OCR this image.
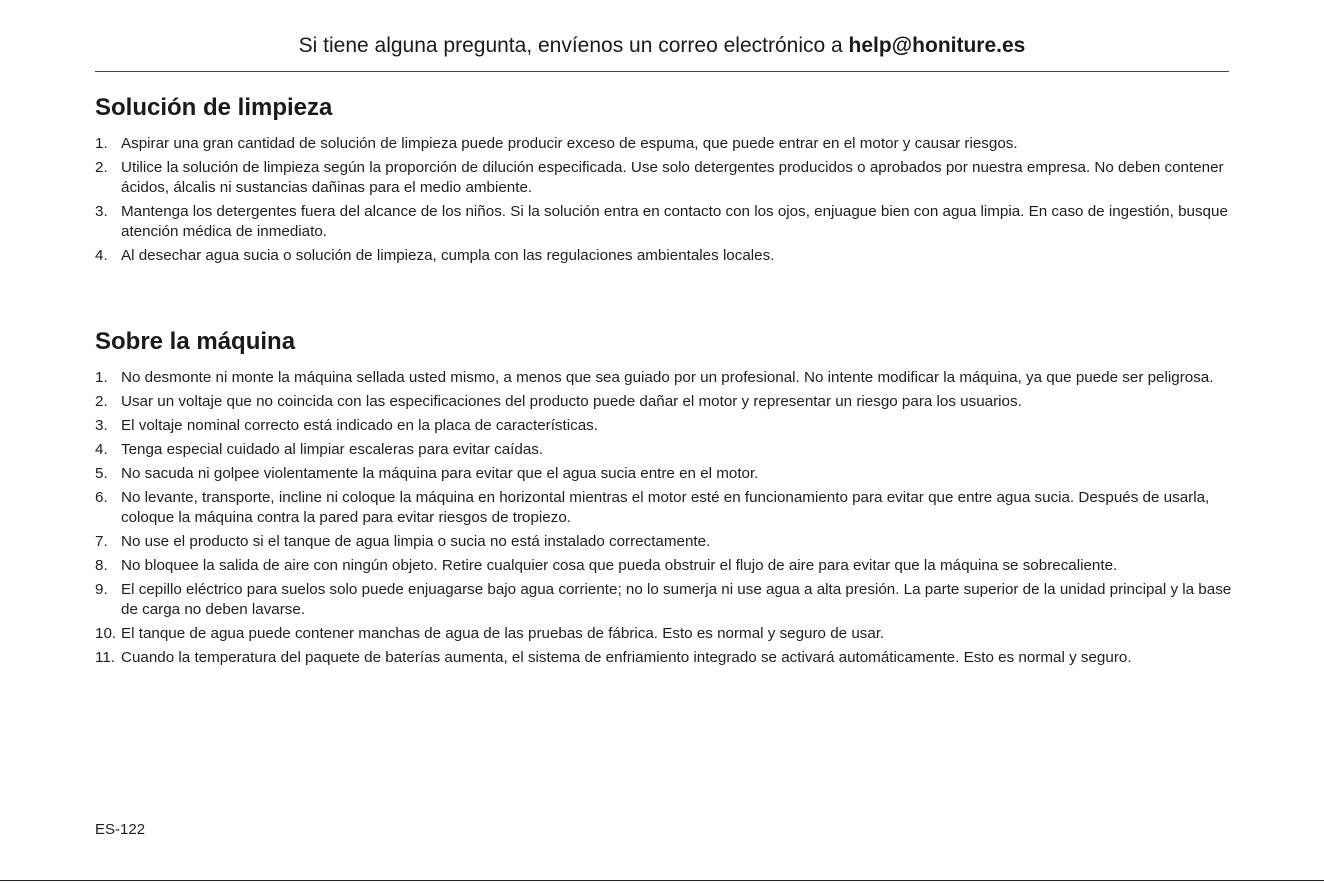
Si tiene alguna pregunta, envíenos un correo electrónico a help@honiture.es
Solución de limpieza
1. Aspirar una gran cantidad de solución de limpieza puede producir exceso de espuma, que puede entrar en el motor y causar riesgos.
2. Utilice la solución de limpieza según la proporción de dilución especificada. Use solo detergentes producidos o aprobados por nuestra empresa. No deben contener ácidos, álcalis ni sustancias dañinas para el medio ambiente.
3. Mantenga los detergentes fuera del alcance de los niños. Si la solución entra en contacto con los ojos, enjuague bien con agua limpia. En caso de ingestión, busque atención médica de inmediato.
4. Al desechar agua sucia o solución de limpieza, cumpla con las regulaciones ambientales locales.
Sobre la máquina
1. No desmonte ni monte la máquina sellada usted mismo, a menos que sea guiado por un profesional. No intente modificar la máquina, ya que puede ser peligrosa.
2. Usar un voltaje que no coincida con las especificaciones del producto puede dañar el motor y representar un riesgo para los usuarios.
3. El voltaje nominal correcto está indicado en la placa de características.
4. Tenga especial cuidado al limpiar escaleras para evitar caídas.
5. No sacuda ni golpee violentamente la máquina para evitar que el agua sucia entre en el motor.
6. No levante, transporte, incline ni coloque la máquina en horizontal mientras el motor esté en funcionamiento para evitar que entre agua sucia. Después de usarla, coloque la máquina contra la pared para evitar riesgos de tropiezo.
7. No use el producto si el tanque de agua limpia o sucia no está instalado correctamente.
8. No bloquee la salida de aire con ningún objeto. Retire cualquier cosa que pueda obstruir el flujo de aire para evitar que la máquina se sobrecaliente.
9. El cepillo eléctrico para suelos solo puede enjuagarse bajo agua corriente; no lo sumerja ni use agua a alta presión. La parte superior de la unidad principal y la base de carga no deben lavarse.
10. El tanque de agua puede contener manchas de agua de las pruebas de fábrica. Esto es normal y seguro de usar.
11. Cuando la temperatura del paquete de baterías aumenta, el sistema de enfriamiento integrado se activará automáticamente. Esto es normal y seguro.
ES-122
